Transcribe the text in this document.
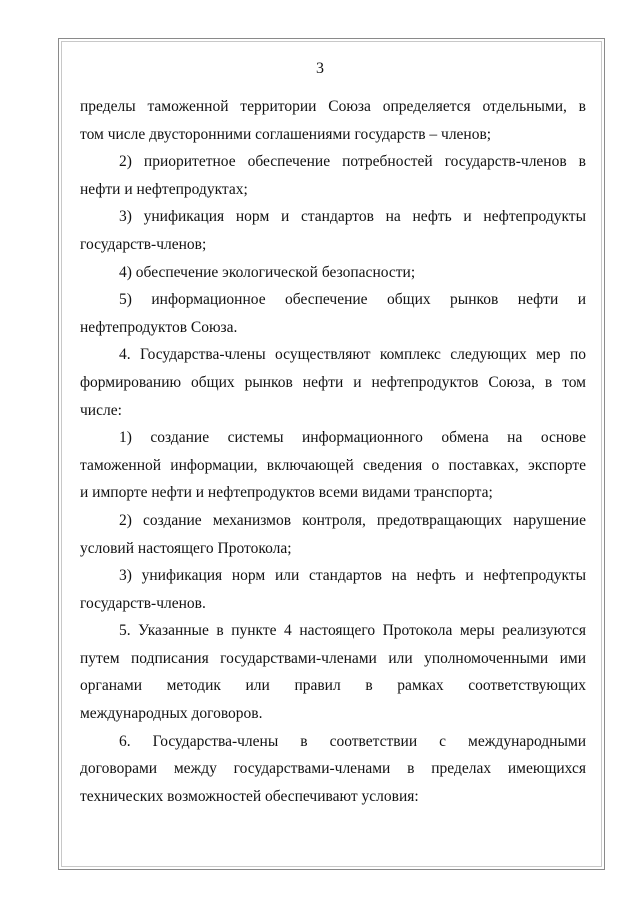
3
пределы таможенной территории Союза определяется отдельными, в
том числе двусторонними соглашениями государств – членов;
2) приоритетное обеспечение потребностей государств-членов в
нефти и нефтепродуктах;
3) унификация норм и стандартов на нефть и нефтепродукты
государств-членов;
4) обеспечение экологической безопасности;
5) информационное обеспечение общих рынков нефти и
нефтепродуктов Союза.
4. Государства-члены осуществляют комплекс следующих мер по
формированию общих рынков нефти и нефтепродуктов Союза, в том
числе:
1) создание системы информационного обмена на основе
таможенной информации, включающей сведения о поставках, экспорте
и импорте нефти и нефтепродуктов всеми видами транспорта;
2) создание механизмов контроля, предотвращающих нарушение
условий настоящего Протокола;
3) унификация норм или стандартов на нефть и нефтепродукты
государств-членов.
5. Указанные в пункте 4 настоящего Протокола меры реализуются
путем подписания государствами-членами или уполномоченными ими
органами методик или правил в рамках соответствующих
международных договоров.
6. Государства-члены в соответствии с международными
договорами между государствами-членами в пределах имеющихся
технических возможностей обеспечивают условия:
